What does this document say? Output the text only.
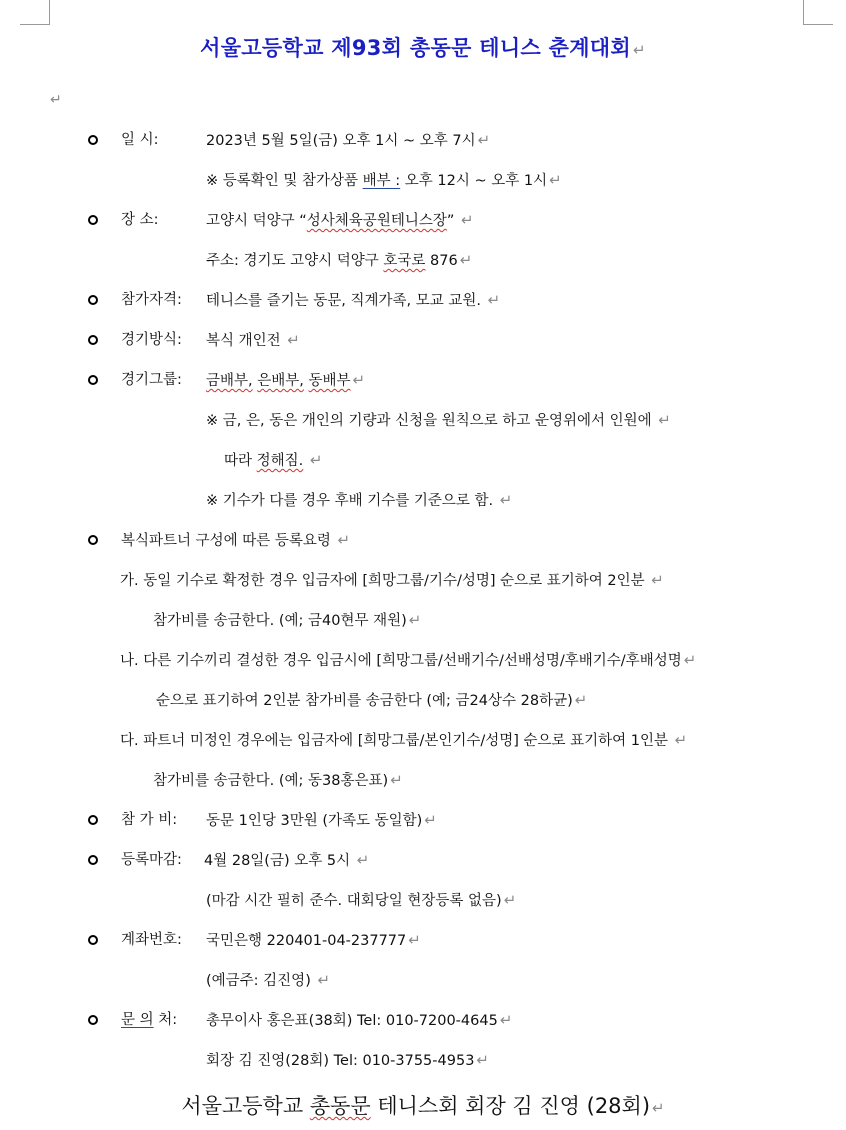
서울고등학교 제93회 총동문 테니스 춘계대회 ↵
↵
일 시:	2023년 5월 5일(금) 오후 1시 ~ 오후 7시 ↵
※ 등록확인 및 참가상품 배부 : 오후 12시 ~ 오후 1시 ↵
장 소:	고양시 덕양구 “성사체육공원테니스장” ↵
주소: 경기도 고양시 덕양구 호국로 876 ↵
참가자격: 테니스를 즐기는 동문, 직계가족, 모교 교원. ↵
경기방식: 복식 개인전 ↵
경기그룹: 금배부, 은배부, 동배부 ↵
※ 금, 은, 동은 개인의 기량과 신청을 원칙으로 하고 운영위에서 인원에 ↵
따라 정해짐. ↵
※ 기수가 다를 경우 후배 기수를 기준으로 함. ↵
복식파트너 구성에 따른 등록요령 ↵
가. 동일 기수로 확정한 경우 입금자에 [희망그룹/기수/성명] 순으로 표기하여 2인분 ↵
참가비를 송금한다. (예; 금40현무 재원) ↵
나. 다른 기수끼리 결성한 경우 입금시에 [희망그룹/선배기수/선배성명/후배기수/후배성명 ↵
순으로 표기하여 2인분 참가비를 송금한다 (예; 금24상수 28하균) ↵
다. 파트너 미정인 경우에는 입금자에 [희망그룹/본인기수/성명] 순으로 표기하여 1인분 ↵
참가비를 송금한다. (예; 동38홍은표) ↵
참 가 비: 동문 1인당 3만원 (가족도 동일함) ↵
등록마감: 4월 28일(금) 오후 5시 ↵
(마감 시간 필히 준수. 대회당일 현장등록 없음) ↵
계좌번호: 국민은행 220401-04-237777 ↵
(예금주: 김진영) ↵
문 의 처: 총무이사 홍은표(38회) Tel: 010-7200-4645 ↵
회장 김 진영(28회) Tel: 010-3755-4953 ↵
서울고등학교 총동문 테니스회 회장 김 진영 (28회) ↵
